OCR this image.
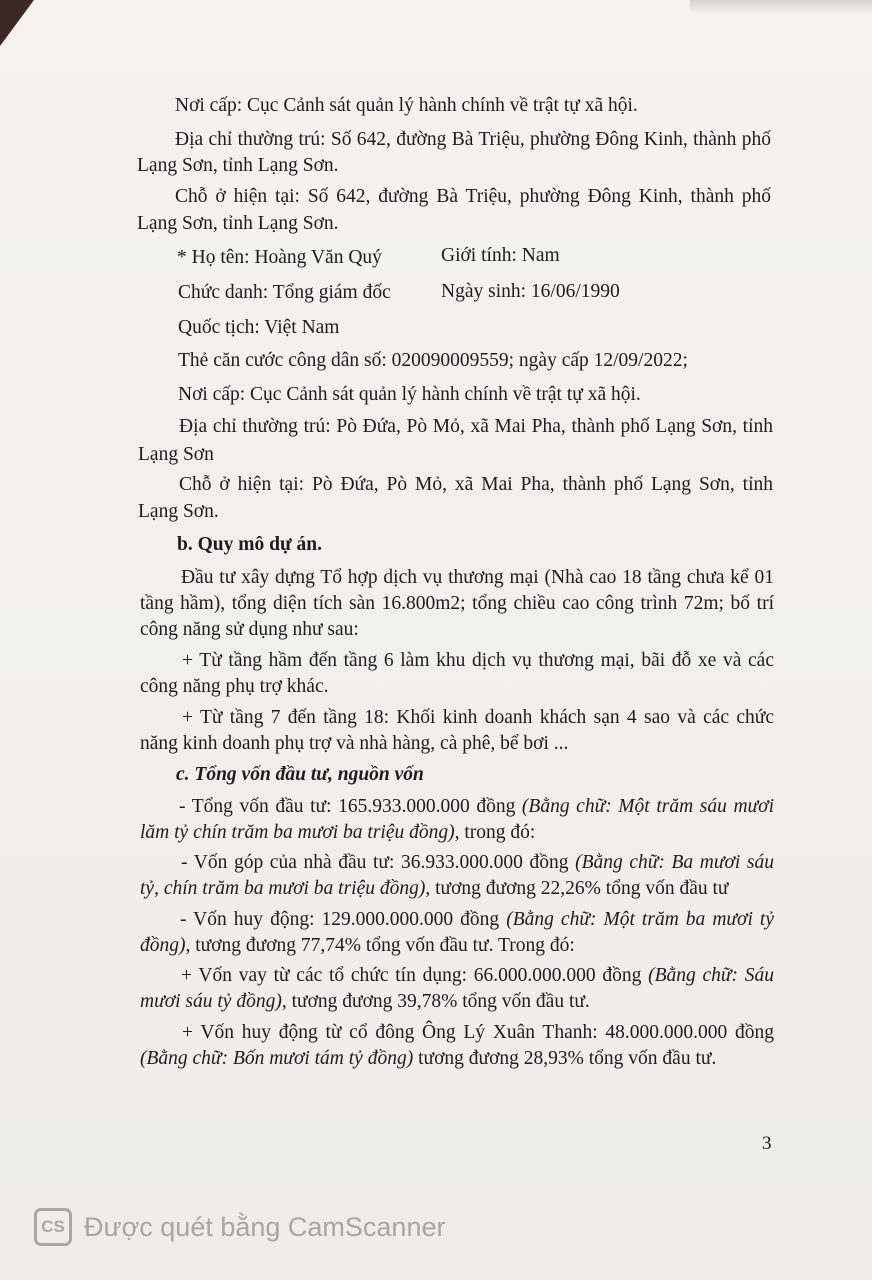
Nơi cấp: Cục Cảnh sát quản lý hành chính về trật tự xã hội.
Địa chỉ thường trú: Số 642, đường Bà Triệu, phường Đông Kinh, thành phố
Lạng Sơn, tỉnh Lạng Sơn.
Chỗ ở hiện tại: Số 642, đường Bà Triệu, phường Đông Kinh, thành phố
Lạng Sơn, tỉnh Lạng Sơn.
* Họ tên: Hoàng Văn Quý	Giới tính: Nam
Chức danh: Tổng giám đốc	Ngày sinh: 16/06/1990
Quốc tịch: Việt Nam
Thẻ căn cước công dân số: 020090009559; ngày cấp 12/09/2022;
Nơi cấp: Cục Cảnh sát quản lý hành chính về trật tự xã hội.
Địa chỉ thường trú: Pò Đứa, Pò Mỏ, xã Mai Pha, thành phố Lạng Sơn, tỉnh
Lạng Sơn
Chỗ ở hiện tại: Pò Đứa, Pò Mỏ, xã Mai Pha, thành phố Lạng Sơn, tỉnh
Lạng Sơn.
b. Quy mô dự án.
Đầu tư xây dựng Tổ hợp dịch vụ thương mại (Nhà cao 18 tầng chưa kể 01
tầng hầm), tổng diện tích sàn 16.800m2; tổng chiều cao công trình 72m; bố trí
công năng sử dụng như sau:
+ Từ tầng hầm đến tầng 6 làm khu dịch vụ thương mại, bãi đỗ xe và các
công năng phụ trợ khác.
+ Từ tầng 7 đến tầng 18: Khối kinh doanh khách sạn 4 sao và các chức
năng kinh doanh phụ trợ và nhà hàng, cà phê, bể bơi ...
c. Tổng vốn đầu tư, nguồn vốn
- Tổng vốn đầu tư: 165.933.000.000 đồng (Bằng chữ: Một trăm sáu mươi
lăm tỷ chín trăm ba mươi ba triệu đồng), trong đó:
- Vốn góp của nhà đầu tư: 36.933.000.000 đồng (Bằng chữ: Ba mươi sáu
tỷ, chín trăm ba mươi ba triệu đồng), tương đương 22,26% tổng vốn đầu tư
- Vốn huy động: 129.000.000.000 đồng (Bằng chữ: Một trăm ba mươi tỷ
đồng), tương đương 77,74% tổng vốn đầu tư. Trong đó:
+ Vốn vay từ các tổ chức tín dụng: 66.000.000.000 đồng (Bằng chữ: Sáu
mươi sáu tỷ đồng), tương đương 39,78% tổng vốn đầu tư.
+ Vốn huy động từ cổ đông Ông Lý Xuân Thanh: 48.000.000.000 đồng
(Bằng chữ: Bốn mươi tám tỷ đồng) tương đương 28,93% tổng vốn đầu tư.
3
CS Được quét bằng CamScanner
